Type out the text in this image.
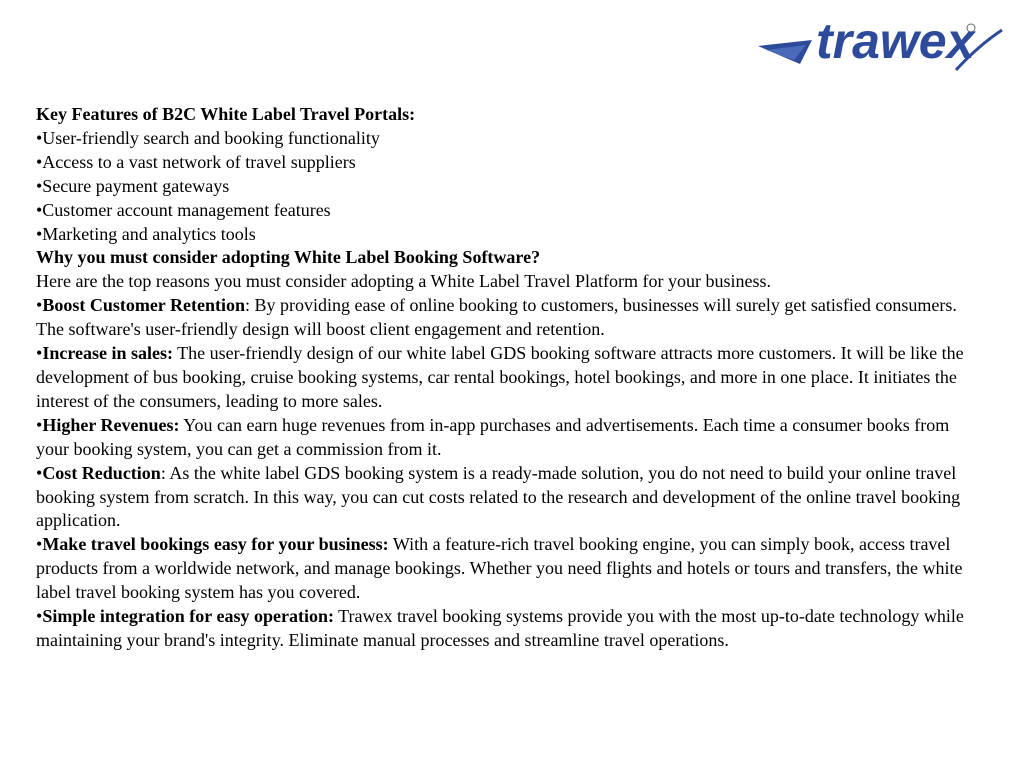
trawex

Key Features of B2C White Label Travel Portals:

•User-friendly search and booking functionality

•Access to a vast network of travel suppliers

•Secure payment gateways

•Customer account management features

•Marketing and analytics tools

Why you must consider adopting White Label Booking Software?

Here are the top reasons you must consider adopting a White Label Travel Platform for your business.

•Boost Customer Retention: By providing ease of online booking to customers, businesses will surely get satisfied consumers. The software's user-friendly design will boost client engagement and retention.

•Increase in sales: The user-friendly design of our white label GDS booking software attracts more customers. It will be like the development of bus booking, cruise booking systems, car rental bookings, hotel bookings, and more in one place. It initiates the interest of the consumers, leading to more sales.

•Higher Revenues: You can earn huge revenues from in-app purchases and advertisements. Each time a consumer books from your booking system, you can get a commission from it.

•Cost Reduction: As the white label GDS booking system is a ready-made solution, you do not need to build your online travel booking system from scratch. In this way, you can cut costs related to the research and development of the online travel booking application.

•Make travel bookings easy for your business: With a feature-rich travel booking engine, you can simply book, access travel products from a worldwide network, and manage bookings. Whether you need flights and hotels or tours and transfers, the white label travel booking system has you covered.

•Simple integration for easy operation: Trawex travel booking systems provide you with the most up-to-date technology while maintaining your brand's integrity. Eliminate manual processes and streamline travel operations.
